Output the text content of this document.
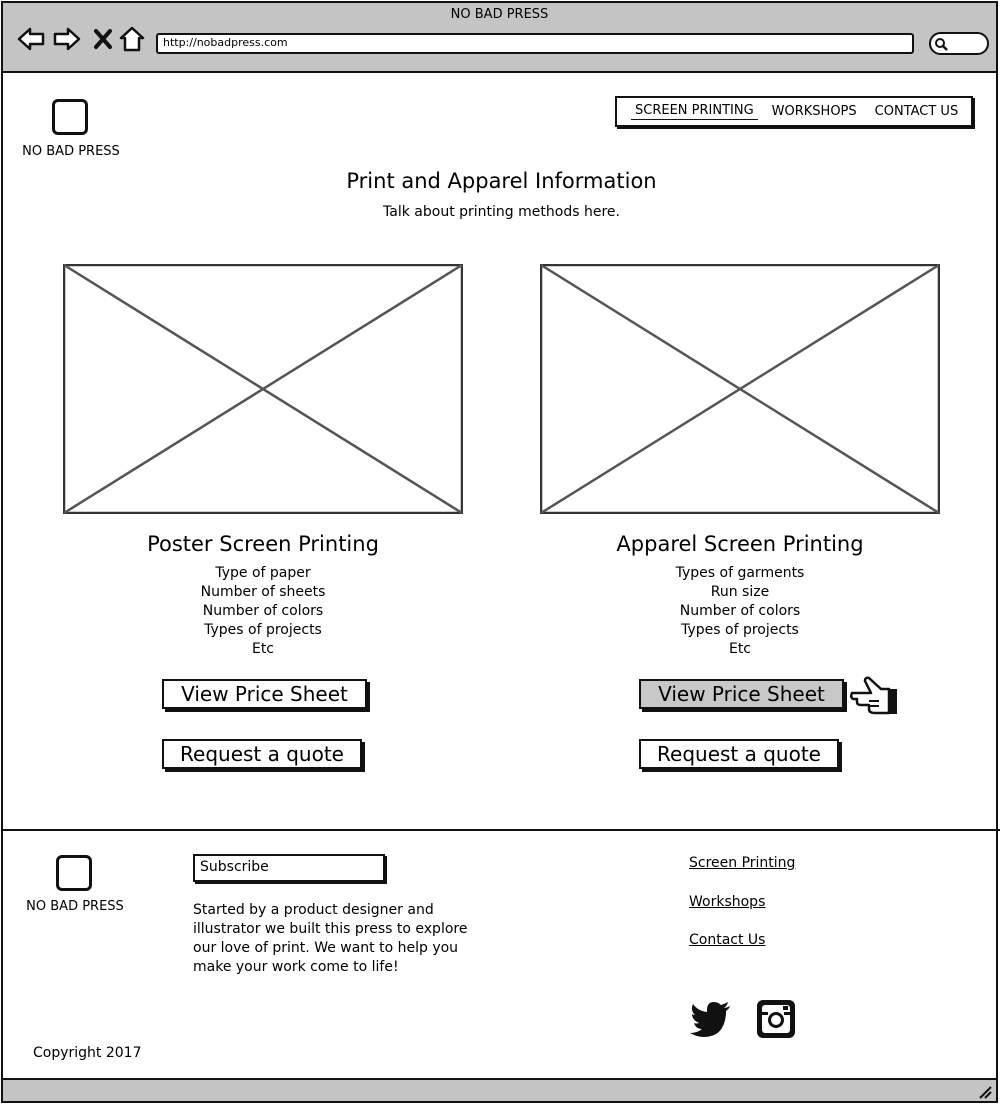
NO BAD PRESS
http://nobadpress.com
NO BAD PRESS
SCREEN PRINTING	WORKSHOPS	CONTACT US
Print and Apparel Information
Talk about printing methods here.
Poster Screen Printing
Type of paper
Number of sheets
Number of colors
Types of projects
Etc
View Price Sheet
Request a quote
Apparel Screen Printing
Types of garments
Run size
Number of colors
Types of projects
Etc
View Price Sheet
Request a quote
NO BAD PRESS
Subscribe
Started by a product designer and illustrator we built this press to explore our love of print. We want to help you make your work come to life!
Screen Printing
Workshops
Contact Us
Copyright 2017
